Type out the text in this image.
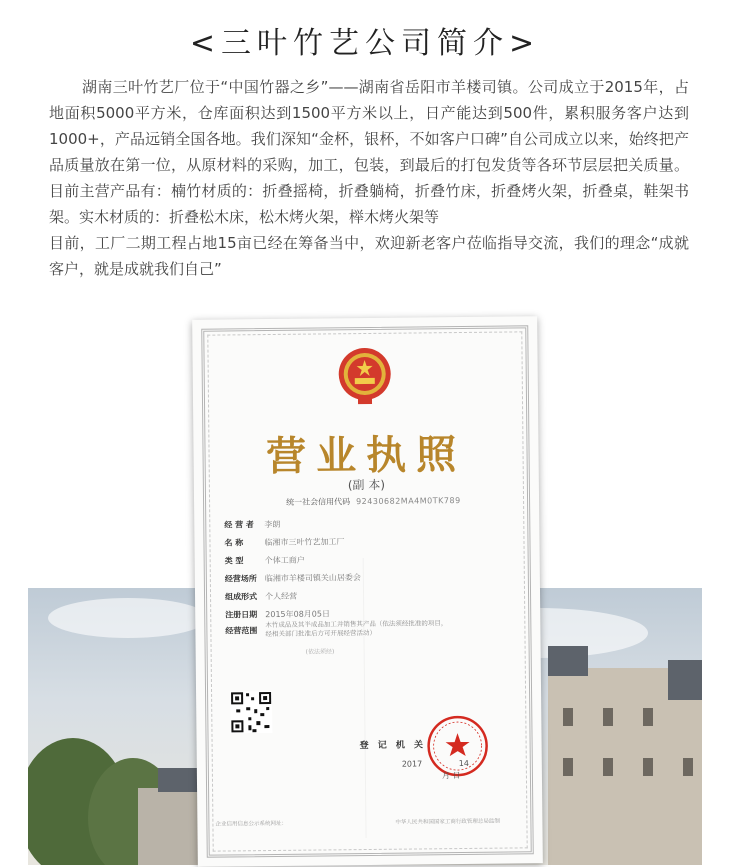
<三叶竹艺公司简介>

湖南三叶竹艺厂位于“中国竹器之乡”——湖南省岳阳市羊楼司镇。公司成立于2015年，占地面积5000平方米，仓库面积达到1500平方米以上，日产能达到500件，累积服务客户达到1000+，产品远销全国各地。我们深知“金杯，银杯，不如客户口碑”自公司成立以来，始终把产品质量放在第一位，从原材料的采购，加工，包装，到最后的打包发货等各环节层层把关质量。目前主营产品有：楠竹材质的：折叠摇椅，折叠躺椅，折叠竹床，折叠烤火架，折叠桌，鞋架书架。实木材质的：折叠松木床，松木烤火架，榉木烤火架等

目前，工厂二期工程占地15亩已经在筹备当中，欢迎新老客户莅临指导交流，我们的理念“成就客户，就是成就我们自己”

营业执照
(副 本)
统一社会信用代码 92430682MA4M0TK789
经 营 者 李朗
名 称	临湘市三叶竹艺加工厂
类 型	个体工商户
经营场所 临湘市羊楼司镇关山居委会
组成形式 个人经营
注册日期 2015年08月05日
经营范围
木竹成品及其半成品加工并销售其产品（依法须经批准的项目，经相关部门批准后方可开展经营活动）
(依法须经)
登 记 机 关
2017	14
月 日
企业信用信息公示系统网址：	中华人民共和国国家工商行政管理总局监制
